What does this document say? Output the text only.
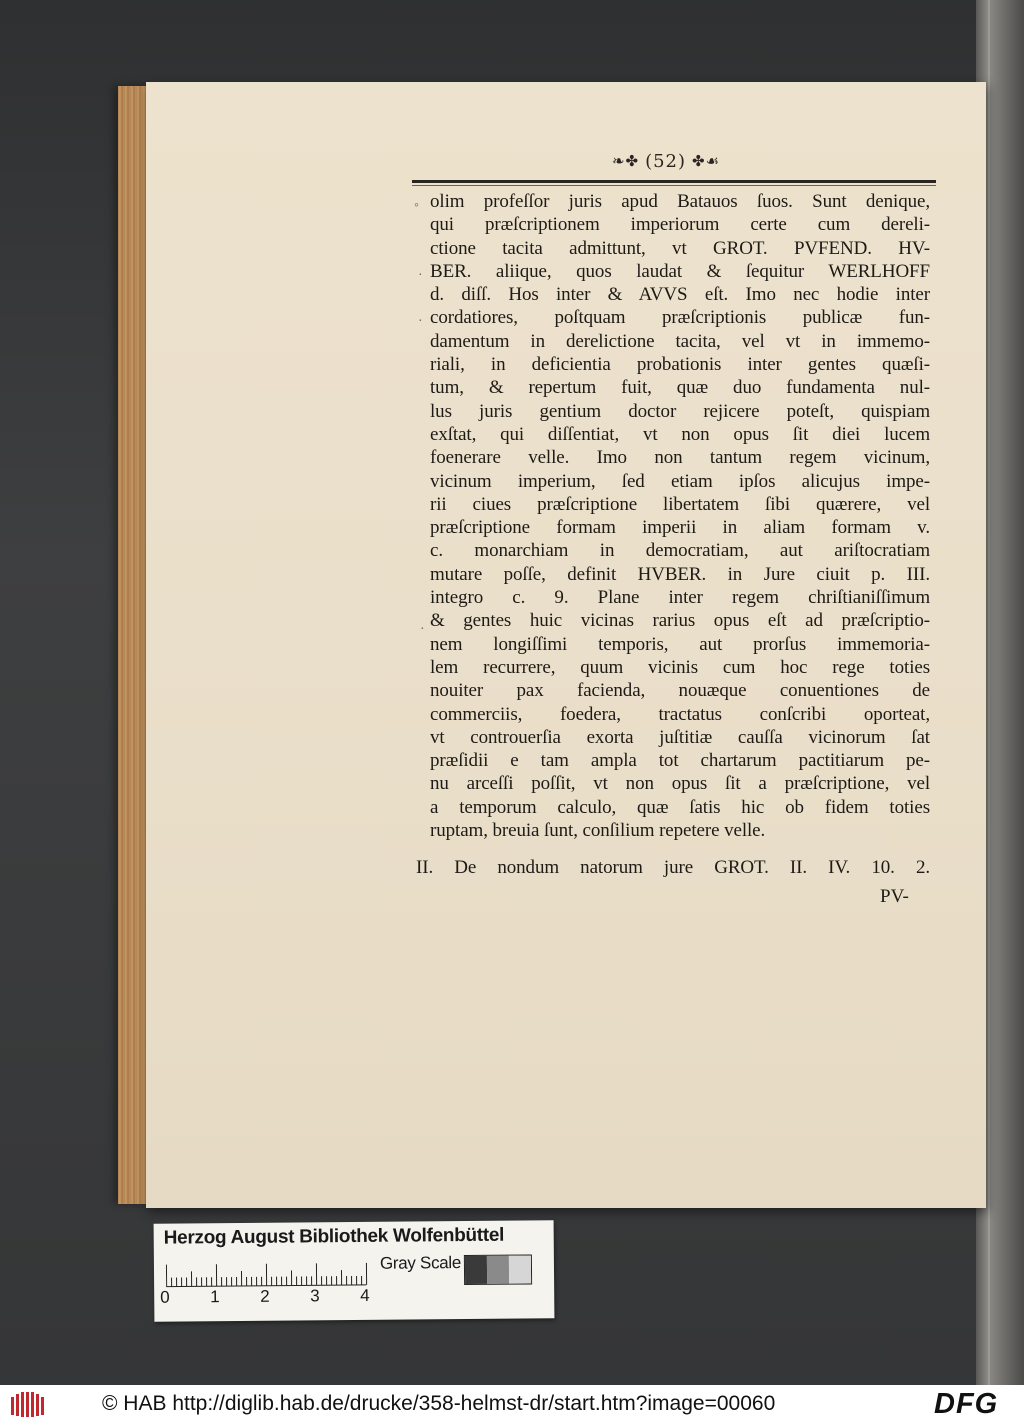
❧✤ (52) ✤☙
◦
·
·
·
olim profeſſor juris apud Batauos ſuos. Sunt denique,
qui præſcriptionem imperiorum certe cum dereli-
ctione tacita admittunt, vt GROT. PVFEND. HV-
BER. aliique, quos laudat & ſequitur WERLHOFF
d. diſſ. Hos inter & AVVS eſt. Imo nec hodie inter
cordatiores, poſtquam præſcriptionis publicæ fun-
damentum in derelictione tacita, vel vt in immemo-
riali, in deficientia probationis inter gentes quæſi-
tum, & repertum fuit, quæ duo fundamenta nul-
lus juris gentium doctor rejicere poteſt, quispiam
exſtat, qui diſſentiat, vt non opus ſit diei lucem
foenerare velle. Imo non tantum regem vicinum,
vicinum imperium, ſed etiam ipſos alicujus impe-
rii ciues præſcriptione libertatem ſibi quærere, vel
præſcriptione formam imperii in aliam formam v.
c. monarchiam in democratiam, aut ariſtocratiam
mutare poſſe, definit HVBER. in Jure ciuit p. III.
integro c. 9. Plane inter regem chriſtianiſſimum
& gentes huic vicinas rarius opus eſt ad præſcriptio-
nem longiſſimi temporis, aut prorſus immemoria-
lem recurrere, quum vicinis cum hoc rege toties
nouiter pax facienda, nouæque conuentiones de
commerciis, foedera, tractatus conſcribi oporteat,
vt controuerſia exorta juſtitiæ cauſſa vicinorum ſat
præſidii e tam ampla tot chartarum pactitiarum pe-
nu arceſſi poſſit, vt non opus ſit a præſcriptione, vel
a temporum calculo, quæ ſatis hic ob fidem toties
ruptam, breuia ſunt, conſilium repetere velle.
II. De nondum natorum jure GROT. II. IV. 10. 2.
PV-
Herzog August Bibliothek Wolfenbüttel
0 1 2 3 4
Gray Scale
© HAB http://diglib.hab.de/drucke/358-helmst-dr/start.htm?image=00060	DFG
